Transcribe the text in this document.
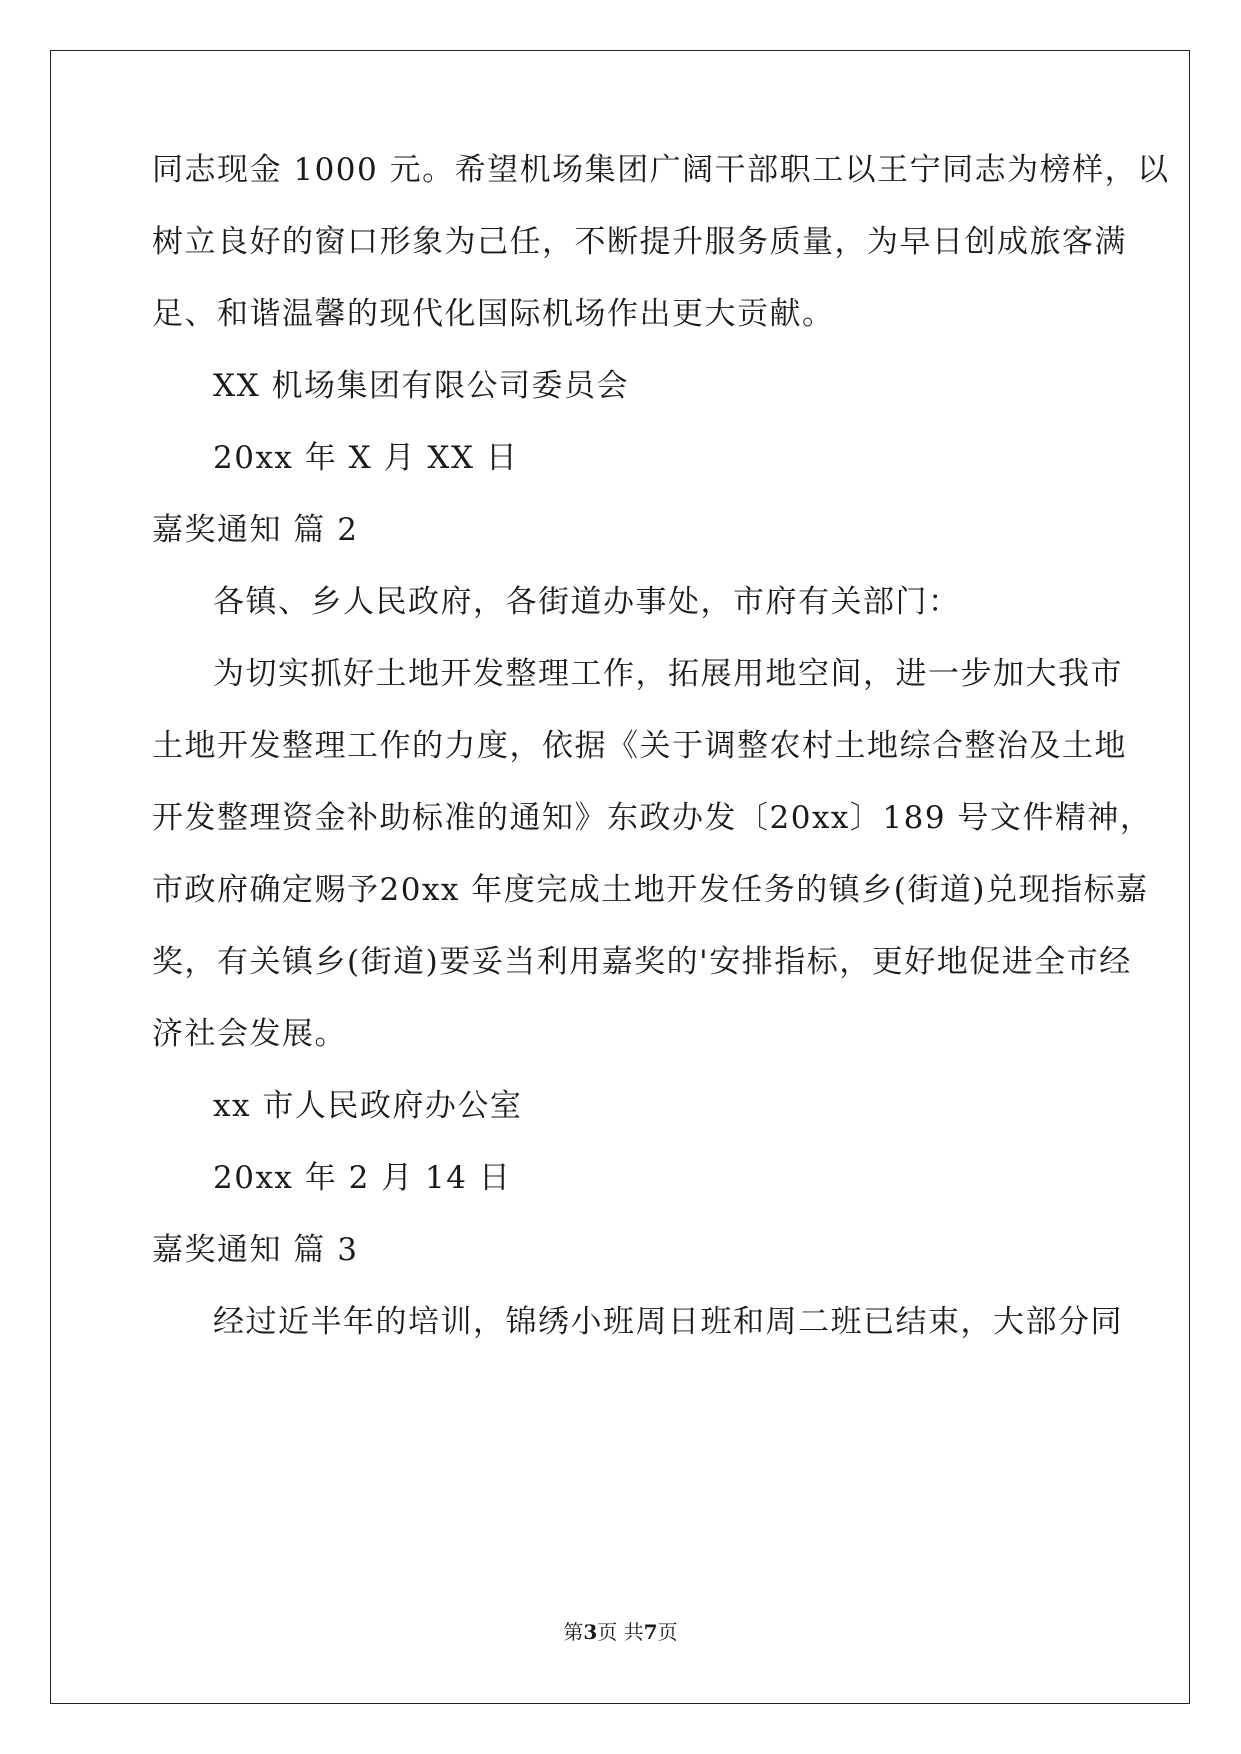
同志现金 1000 元。希望机场集团广阔干部职工以王宁同志为榜样，以
树立良好的窗口形象为己任，不断提升服务质量，为早日创成旅客满
足、和谐温馨的现代化国际机场作出更大贡献。
XX 机场集团有限公司委员会
20xx 年 X 月 XX 日
嘉奖通知 篇 2
各镇、乡人民政府，各街道办事处，市府有关部门：
为切实抓好土地开发整理工作，拓展用地空间，进一步加大我市
土地开发整理工作的力度，依据《关于调整农村土地综合整治及土地
开发整理资金补助标准的通知》东政办发〔20xx〕189 号文件精神，
市政府确定赐予20xx 年度完成土地开发任务的镇乡(街道)兑现指标嘉
奖，有关镇乡(街道)要妥当利用嘉奖的'安排指标，更好地促进全市经
济社会发展。
xx 市人民政府办公室
20xx 年 2 月 14 日
嘉奖通知 篇 3
经过近半年的培训，锦绣小班周日班和周二班已结束，大部分同
第3页 共7页
